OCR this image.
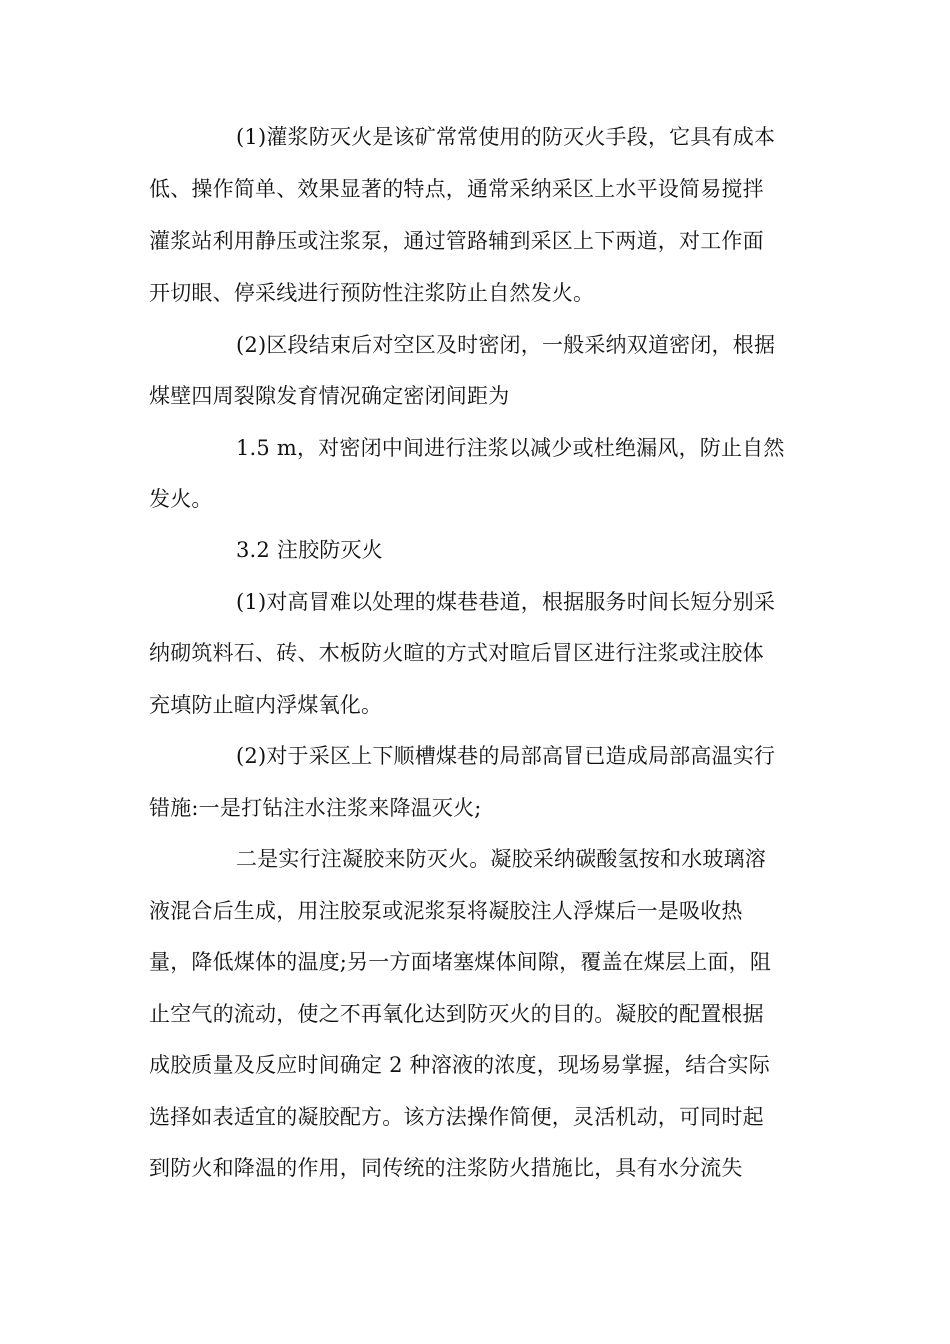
(1)灌浆防灭火是该矿常常使用的防灭火手段，它具有成本
低、操作简单、效果显著的特点，通常采纳采区上水平设简易搅拌
灌浆站利用静压或注浆泵，通过管路辅到采区上下两道，对工作面
开切眼、停采线进行预防性注浆防止自然发火。
(2)区段结束后对空区及时密闭，一般采纳双道密闭，根据
煤壁四周裂隙发育情况确定密闭间距为
1.5 m，对密闭中间进行注浆以减少或杜绝漏风，防止自然
发火。
3.2 注胶防灭火
(1)对高冒难以处理的煤巷巷道，根据服务时间长短分别采
纳砌筑料石、砖、木板防火暄的方式对暄后冒区进行注浆或注胶体
充填防止暄内浮煤氧化。
(2)对于采区上下顺槽煤巷的局部高冒已造成局部高温实行
错施:一是打钻注水注浆来降温灭火;
二是实行注凝胶来防灭火。凝胶采纳碳酸氢按和水玻璃溶
液混合后生成，用注胶泵或泥浆泵将凝胶注人浮煤后一是吸收热
量，降低煤体的温度;另一方面堵塞煤体间隙，覆盖在煤层上面，阻
止空气的流动，使之不再氧化达到防灭火的目的。凝胶的配置根据
成胶质量及反应时间确定 2 种溶液的浓度，现场易掌握，结合实际
选择如表适宜的凝胶配方。该方法操作简便，灵活机动，可同时起
到防火和降温的作用，同传统的注浆防火措施比，具有水分流失
